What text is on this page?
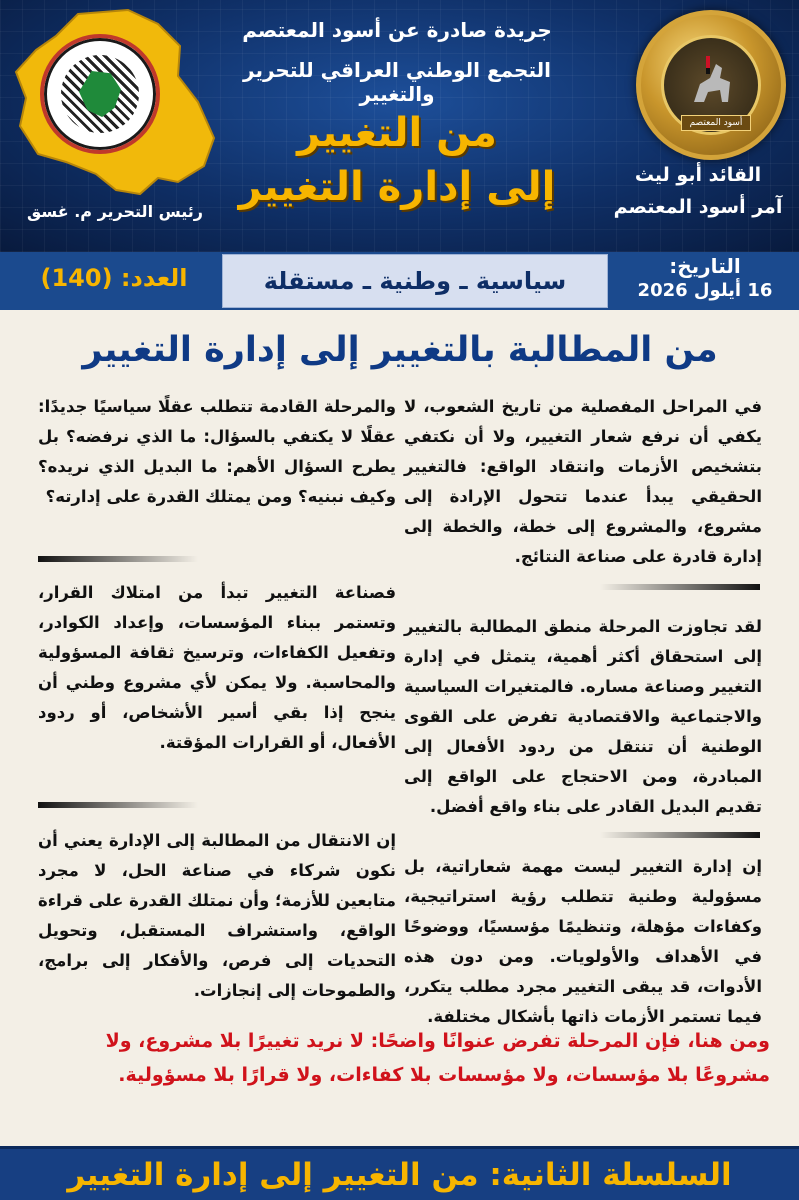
رئيس التحرير م. غسق
جريدة صادرة عن أسود المعتصم
التجمع الوطني العراقي للتحرير والتغيير
من التغيير
إلى إدارة التغيير
أسود المعتصم
القائد أبو ليث
آمر أسود المعتصم
العدد: (140)	سياسية ـ وطنية ـ مستقلة
التاريخ:
16 أيلول 2026
من المطالبة بالتغيير إلى إدارة التغيير
في المراحل المفصلية من تاريخ الشعوب، لا يكفي أن نرفع شعار التغيير، ولا أن نكتفي بتشخيص الأزمات وانتقاد الواقع: فالتغيير الحقيقي يبدأ عندما تتحول الإرادة إلى مشروع، والمشروع إلى خطة، والخطة إلى إدارة قادرة على صناعة النتائج.
لقد تجاوزت المرحلة منطق المطالبة بالتغيير إلى استحقاق أكثر أهمية، يتمثل في إدارة التغيير وصناعة مساره. فالمتغيرات السياسية والاجتماعية والاقتصادية تفرض على القوى الوطنية أن تنتقل من ردود الأفعال إلى المبادرة، ومن الاحتجاج على الواقع إلى تقديم البديل القادر على بناء واقع أفضل.
إن إدارة التغيير ليست مهمة شعاراتية، بل مسؤولية وطنية تتطلب رؤية استراتيجية، وكفاءات مؤهلة، وتنظيمًا مؤسسيًا، ووضوحًا في الأهداف والأولويات. ومن دون هذه الأدوات، قد يبقى التغيير مجرد مطلب يتكرر، فيما تستمر الأزمات ذاتها بأشكال مختلفة.
والمرحلة القادمة تتطلب عقلًا سياسيًا جديدًا: عقلًا لا يكتفي بالسؤال: ما الذي نرفضه؟ بل يطرح السؤال الأهم: ما البديل الذي نريده؟ وكيف نبنيه؟ ومن يمتلك القدرة على إدارته؟
فصناعة التغيير تبدأ من امتلاك القرار، وتستمر ببناء المؤسسات، وإعداد الكوادر، وتفعيل الكفاءات، وترسيخ ثقافة المسؤولية والمحاسبة. ولا يمكن لأي مشروع وطني أن ينجح إذا بقي أسير الأشخاص، أو ردود الأفعال، أو القرارات المؤقتة.
إن الانتقال من المطالبة إلى الإدارة يعني أن نكون شركاء في صناعة الحل، لا مجرد متابعين للأزمة؛ وأن نمتلك القدرة على قراءة الواقع، واستشراف المستقبل، وتحويل التحديات إلى فرص، والأفكار إلى برامج، والطموحات إلى إنجازات.
ومن هنا، فإن المرحلة تفرض عنوانًا واضحًا: لا نريد تغييرًا بلا مشروع، ولا مشروعًا بلا مؤسسات، ولا مؤسسات بلا كفاءات، ولا قرارًا بلا مسؤولية.
السلسلة الثانية: من التغيير إلى إدارة التغيير
